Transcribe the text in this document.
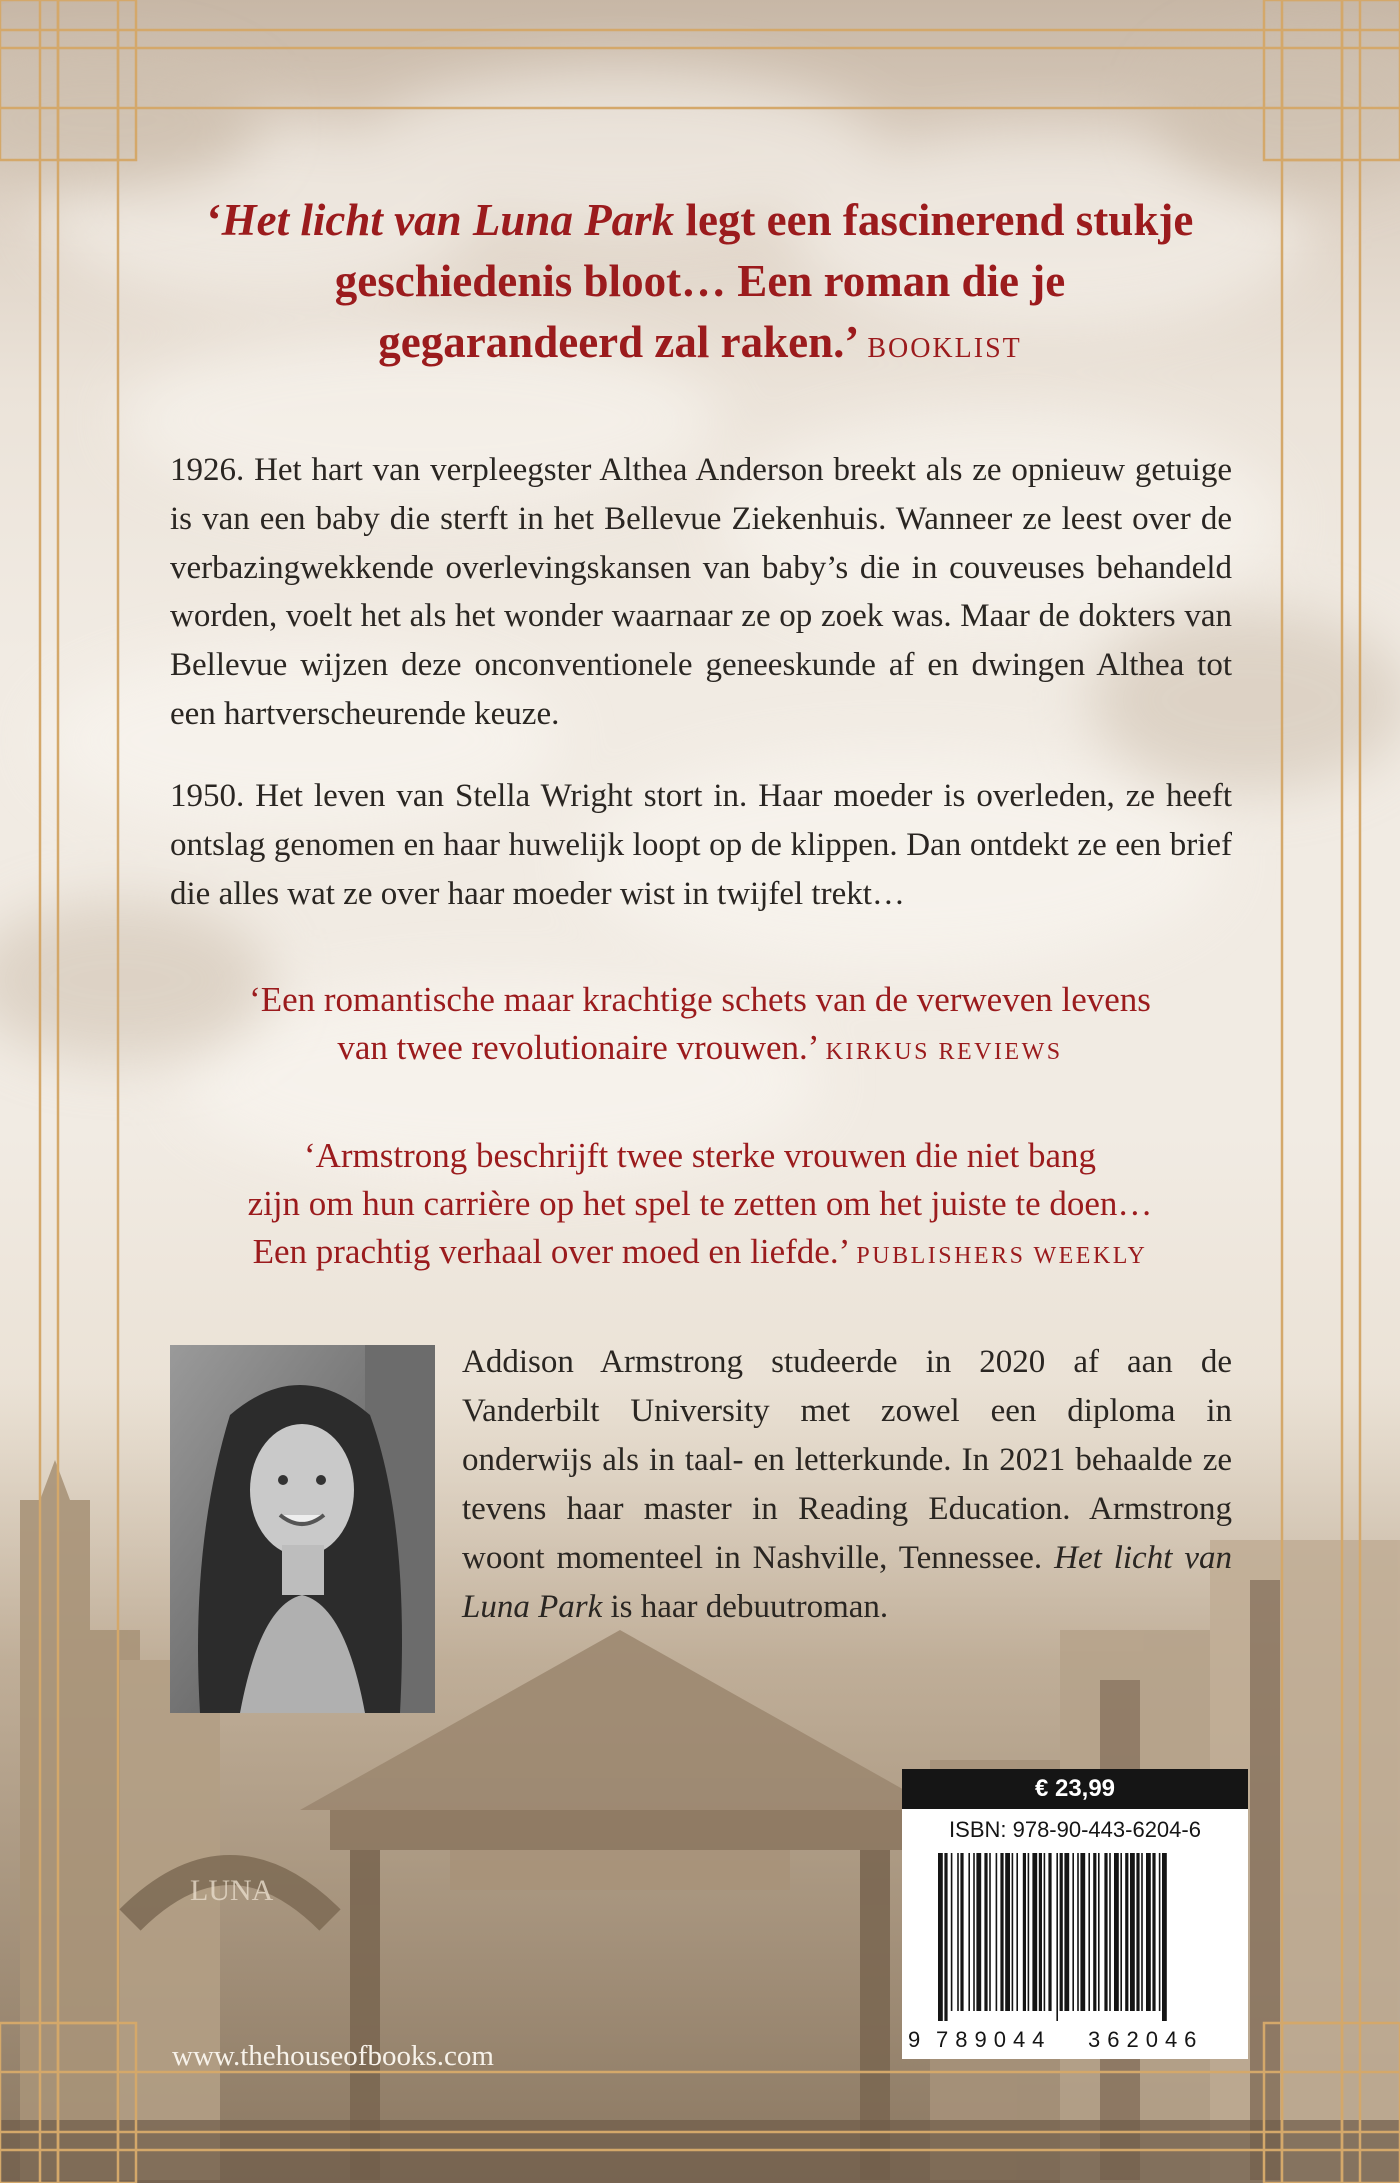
LUNA
‘Het licht van Luna Park legt een fascinerend stukje geschiedenis bloot… Een roman die je gegarandeerd zal raken.’ BOOKLIST
1926. Het hart van verpleegster Althea Anderson breekt als ze opnieuw getuige is van een baby die sterft in het Bellevue Ziekenhuis. Wanneer ze leest over de verbazingwekkende overlevingskansen van baby’s die in couveuses behandeld worden, voelt het als het wonder waarnaar ze op zoek was. Maar de dokters van Bellevue wijzen deze onconventionele geneeskunde af en dwingen Althea tot een hartverscheurende keuze.
1950. Het leven van Stella Wright stort in. Haar moeder is overleden, ze heeft ontslag genomen en haar huwelijk loopt op de klippen. Dan ontdekt ze een brief die alles wat ze over haar moeder wist in twijfel trekt…
‘Een romantische maar krachtige schets van de verweven levens
van twee revolutionaire vrouwen.’ KIRKUS REVIEWS
‘Armstrong beschrijft twee sterke vrouwen die niet bang
zijn om hun carrière op het spel te zetten om het juiste te doen…
Een prachtig verhaal over moed en liefde.’ PUBLISHERS WEEKLY
Addison Armstrong studeerde in 2020 af aan de Vanderbilt University met zowel een diploma in onderwijs als in taal- en letterkunde. In 2021 behaalde ze tevens haar master in Reading Education. Armstrong woont momenteel in Nashville, Tennessee. Het licht van Luna Park is haar debuutroman.
www.thehouseofbooks.com
€ 23,99
ISBN: 978-90-443-6204-6
9 789044 362046
